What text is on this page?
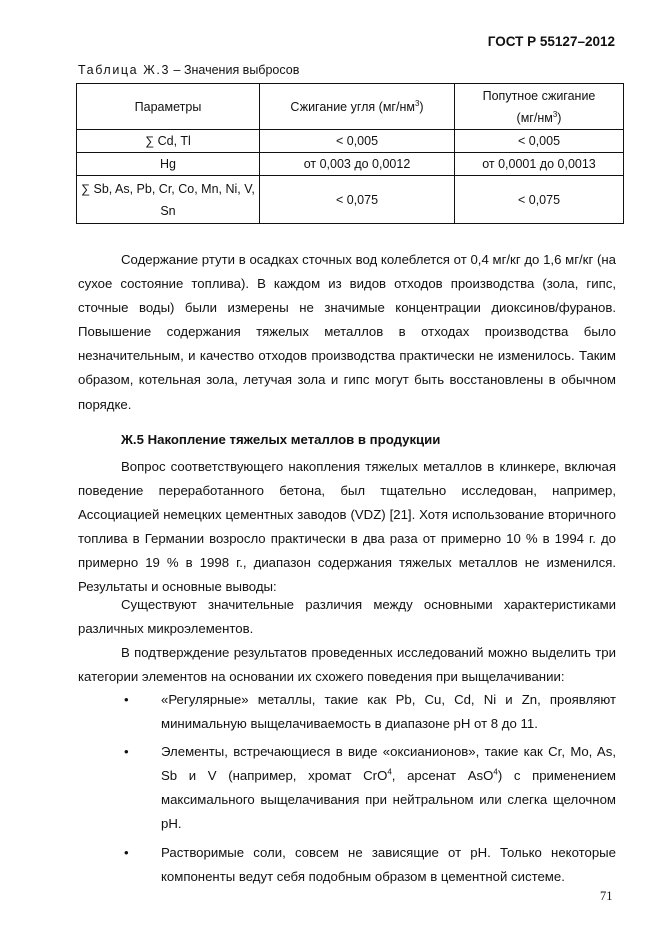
ГОСТ Р 55127–2012
Таблица Ж.3 – Значения выбросов
Параметры	Сжигание угля $(мг/нм^3)$	Попутное сжигание
$(мг/нм^3)$
∑ Cd, Tl	< 0,005	< 0,005
Hg	от 0,003 до 0,0012	от 0,0001 до 0,0013
∑ Sb, As, Pb, Cr, Co, Mn, Ni, V, Sn	< 0,075	< 0,075

Содержание ртути в осадках сточных вод колеблется от 0,4 мг/кг до 1,6 мг/кг (на сухое состояние топлива). В каждом из видов отходов производства (зола, гипс, сточные воды) были измерены не значимые концентрации диоксинов/фуранов. Повышение содержания тяжелых металлов в отходах производства было незначительным, и качество отходов производства практически не изменилось. Таким образом, котельная зола, летучая зола и гипс могут быть восстановлены в обычном порядке.

Ж.5 Накопление тяжелых металлов в продукции

Вопрос соответствующего накопления тяжелых металлов в клинкере, включая поведение переработанного бетона, был тщательно исследован, например, Ассоциацией немецких цементных заводов (VDZ) [21]. Хотя использование вторичного топлива в Германии возросло практически в два раза от примерно 10 % в 1994 г. до примерно 19 % в 1998 г., диапазон содержания тяжелых металлов не изменился. Результаты и основные выводы:

Существуют значительные различия между основными характеристиками различных микроэлементов.

В подтверждение результатов проведенных исследований можно выделить три категории элементов на основании их схожего поведения при выщелачивании:

• «Регулярные» металлы, такие как Pb, Cu, Cd, Ni и Zn, проявляют минимальную выщелачиваемость в диапазоне pH от 8 до 11.
• Элементы, встречающиеся в виде «оксианионов», такие как Cr, Mo, As, Sb и V (например, хромат CrO$^4$, арсенат AsO$^4$) с применением максимального выщелачивания при нейтральном или слегка щелочном pH.
• Растворимые соли, совсем не зависящие от pH. Только некоторые компоненты ведут себя подобным образом в цементной системе.
71
